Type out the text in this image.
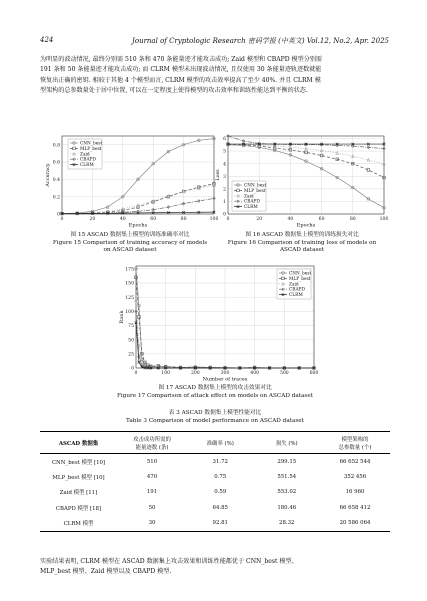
424	Journal of Cryptologic Research 密码学报 (中英文) Vol.12, No.2, Apr. 2025
为明显的波动情况, 最终分别需 510 条和 470 条能量迹才能攻击成功; Zaid 模型和 CBAPD 模型分别需
191 条和 50 条能量迹才能攻击成功; 而 CLRM 模型未出现波动情况, 且仅使用 30 条能量迹轨迹数就能
恢复出正确的密钥. 相较于其他 4 个模型而言, CLRM 模型的攻击效率提高了至少 40%. 并且 CLRM 模
型架构的总参数量处于居中位置, 可以在一定程度上使得模型的攻击效率和训练性能达到平衡的状态.
0	20	40	60	80	100
0
0.2
0.4
0.6
0.8
Epochs
Accuracy
CNN_best
MLP_best
Zaid
CBAPD
CLRM
图 15 ASCAD 数据集上模型的训练准确率对比
Figure 15 Comparison of training accuracy of models
on ASCAD dataset
0	20	40	60	80	100
0
1
2
3
4
5
6
Epochs
Loss
CNN_best
MLP_best
Zaid
CBAPD
CLRM
图 16 ASCAD 数据集上模型的训练损失对比
Figure 16 Comparison of training loss of models on
ASCAD dataset
0	100	200	300	400	500	600
0
25
50
75
100
125
150
175
Number of traces
Rank
CNN_best
MLP_best
Zaid
CBAPD
CLRM
图 17 ASCAD 数据集上模型的攻击效果对比
Figure 17 Comparison of attack effect on models on ASCAD dataset
表 3 ASCAD 数据集上模型性能对比
Table 3 Comparison of model performance on ASCAD dataset
ASCAD 数据集	攻击成功所需的
能量迹数 (条)	准确率 (%)	损失 (%)	模型架构的
总参数量 (个)
CNN_best 模型 [10]	510	31.72	299.15	66 652 544
MLP_best 模型 [10]	470	0.75	551.54	352 456
Zaid 模型 [11]	191	0.59	553.02	16 960
CBAPD 模型 [18]	50	64.85	180.46	66 658 412
CLRM 模型	30	92.81	28.32	20 586 064
实验结果表明, CLRM 模型在 ASCAD 数据集上攻击效果和训练性能都优于 CNN_best 模型、
MLP_best 模型、Zaid 模型以及 CBAPD 模型.
